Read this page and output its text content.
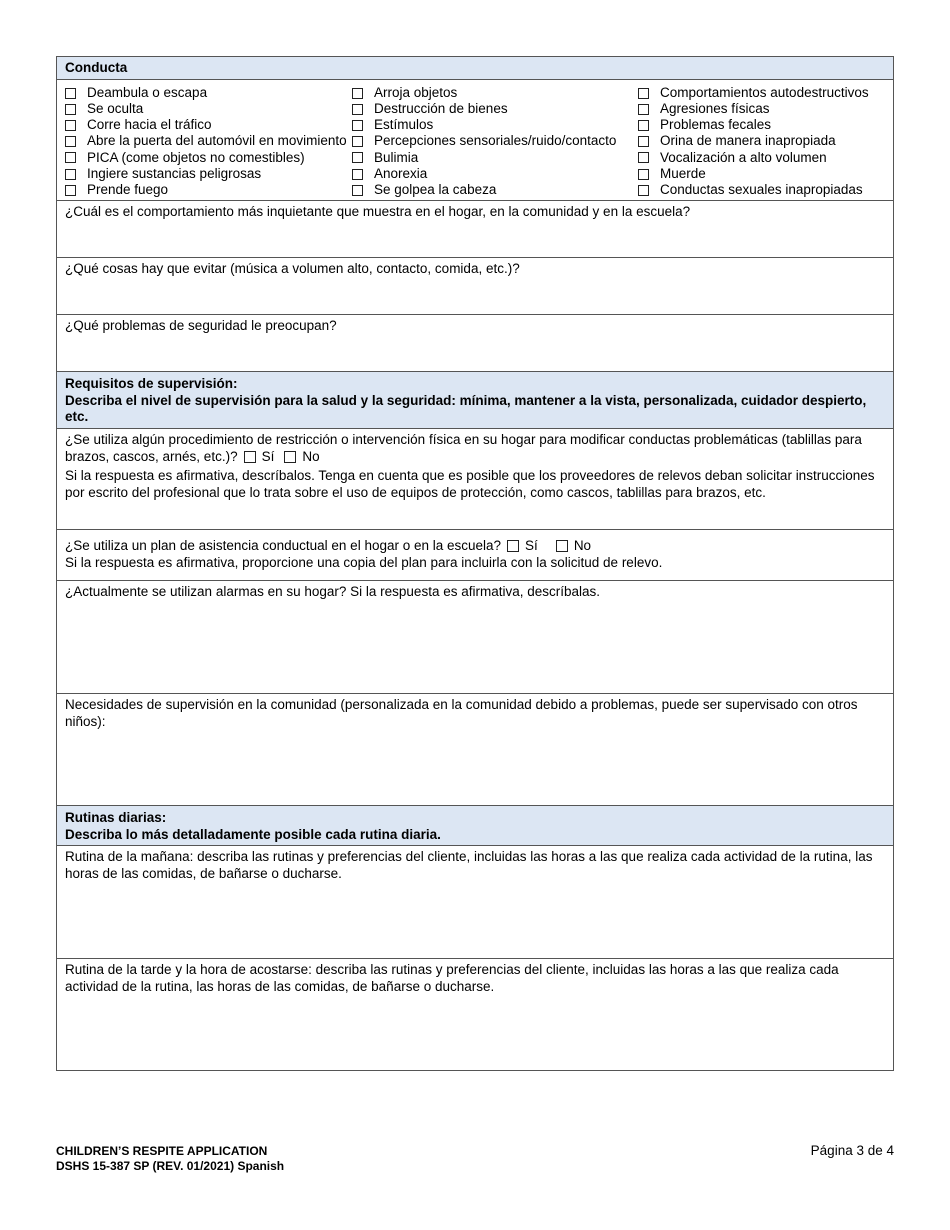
Conducta
Deambula o escapa
Se oculta
Corre hacia el tráfico
Abre la puerta del automóvil en movimiento
PICA (come objetos no comestibles)
Ingiere sustancias peligrosas
Prende fuego
Arroja objetos
Destrucción de bienes
Estímulos
Percepciones sensoriales/ruido/contacto
Bulimia
Anorexia
Se golpea la cabeza
Comportamientos autodestructivos
Agresiones físicas
Problemas fecales
Orina de manera inapropiada
Vocalización a alto volumen
Muerde
Conductas sexuales inapropiadas
¿Cuál es el comportamiento más inquietante que muestra en el hogar, en la comunidad y en la escuela?
¿Qué cosas hay que evitar (música a volumen alto, contacto, comida, etc.)?
¿Qué problemas de seguridad le preocupan?
Requisitos de supervisión:
Describa el nivel de supervisión para la salud y la seguridad: mínima, mantener a la vista, personalizada, cuidador despierto, etc.
¿Se utiliza algún procedimiento de restricción o intervención física en su hogar para modificar conductas problemáticas (tablillas para brazos, cascos, arnés, etc.)? Sí No
Si la respuesta es afirmativa, descríbalos. Tenga en cuenta que es posible que los proveedores de relevos deban solicitar instrucciones por escrito del profesional que lo trata sobre el uso de equipos de protección, como cascos, tablillas para brazos, etc.
¿Se utiliza un plan de asistencia conductual en el hogar o en la escuela? Sí	No
Si la respuesta es afirmativa, proporcione una copia del plan para incluirla con la solicitud de relevo.
¿Actualmente se utilizan alarmas en su hogar? Si la respuesta es afirmativa, descríbalas.
Necesidades de supervisión en la comunidad (personalizada en la comunidad debido a problemas, puede ser supervisado con otros niños):
Rutinas diarias:
Describa lo más detalladamente posible cada rutina diaria.
Rutina de la mañana: describa las rutinas y preferencias del cliente, incluidas las horas a las que realiza cada actividad de la rutina, las horas de las comidas, de bañarse o ducharse.
Rutina de la tarde y la hora de acostarse: describa las rutinas y preferencias del cliente, incluidas las horas a las que realiza cada actividad de la rutina, las horas de las comidas, de bañarse o ducharse.
CHILDREN’S RESPITE APPLICATION
DSHS 15-387 SP (REV. 01/2021) Spanish
Página 3 de 4
